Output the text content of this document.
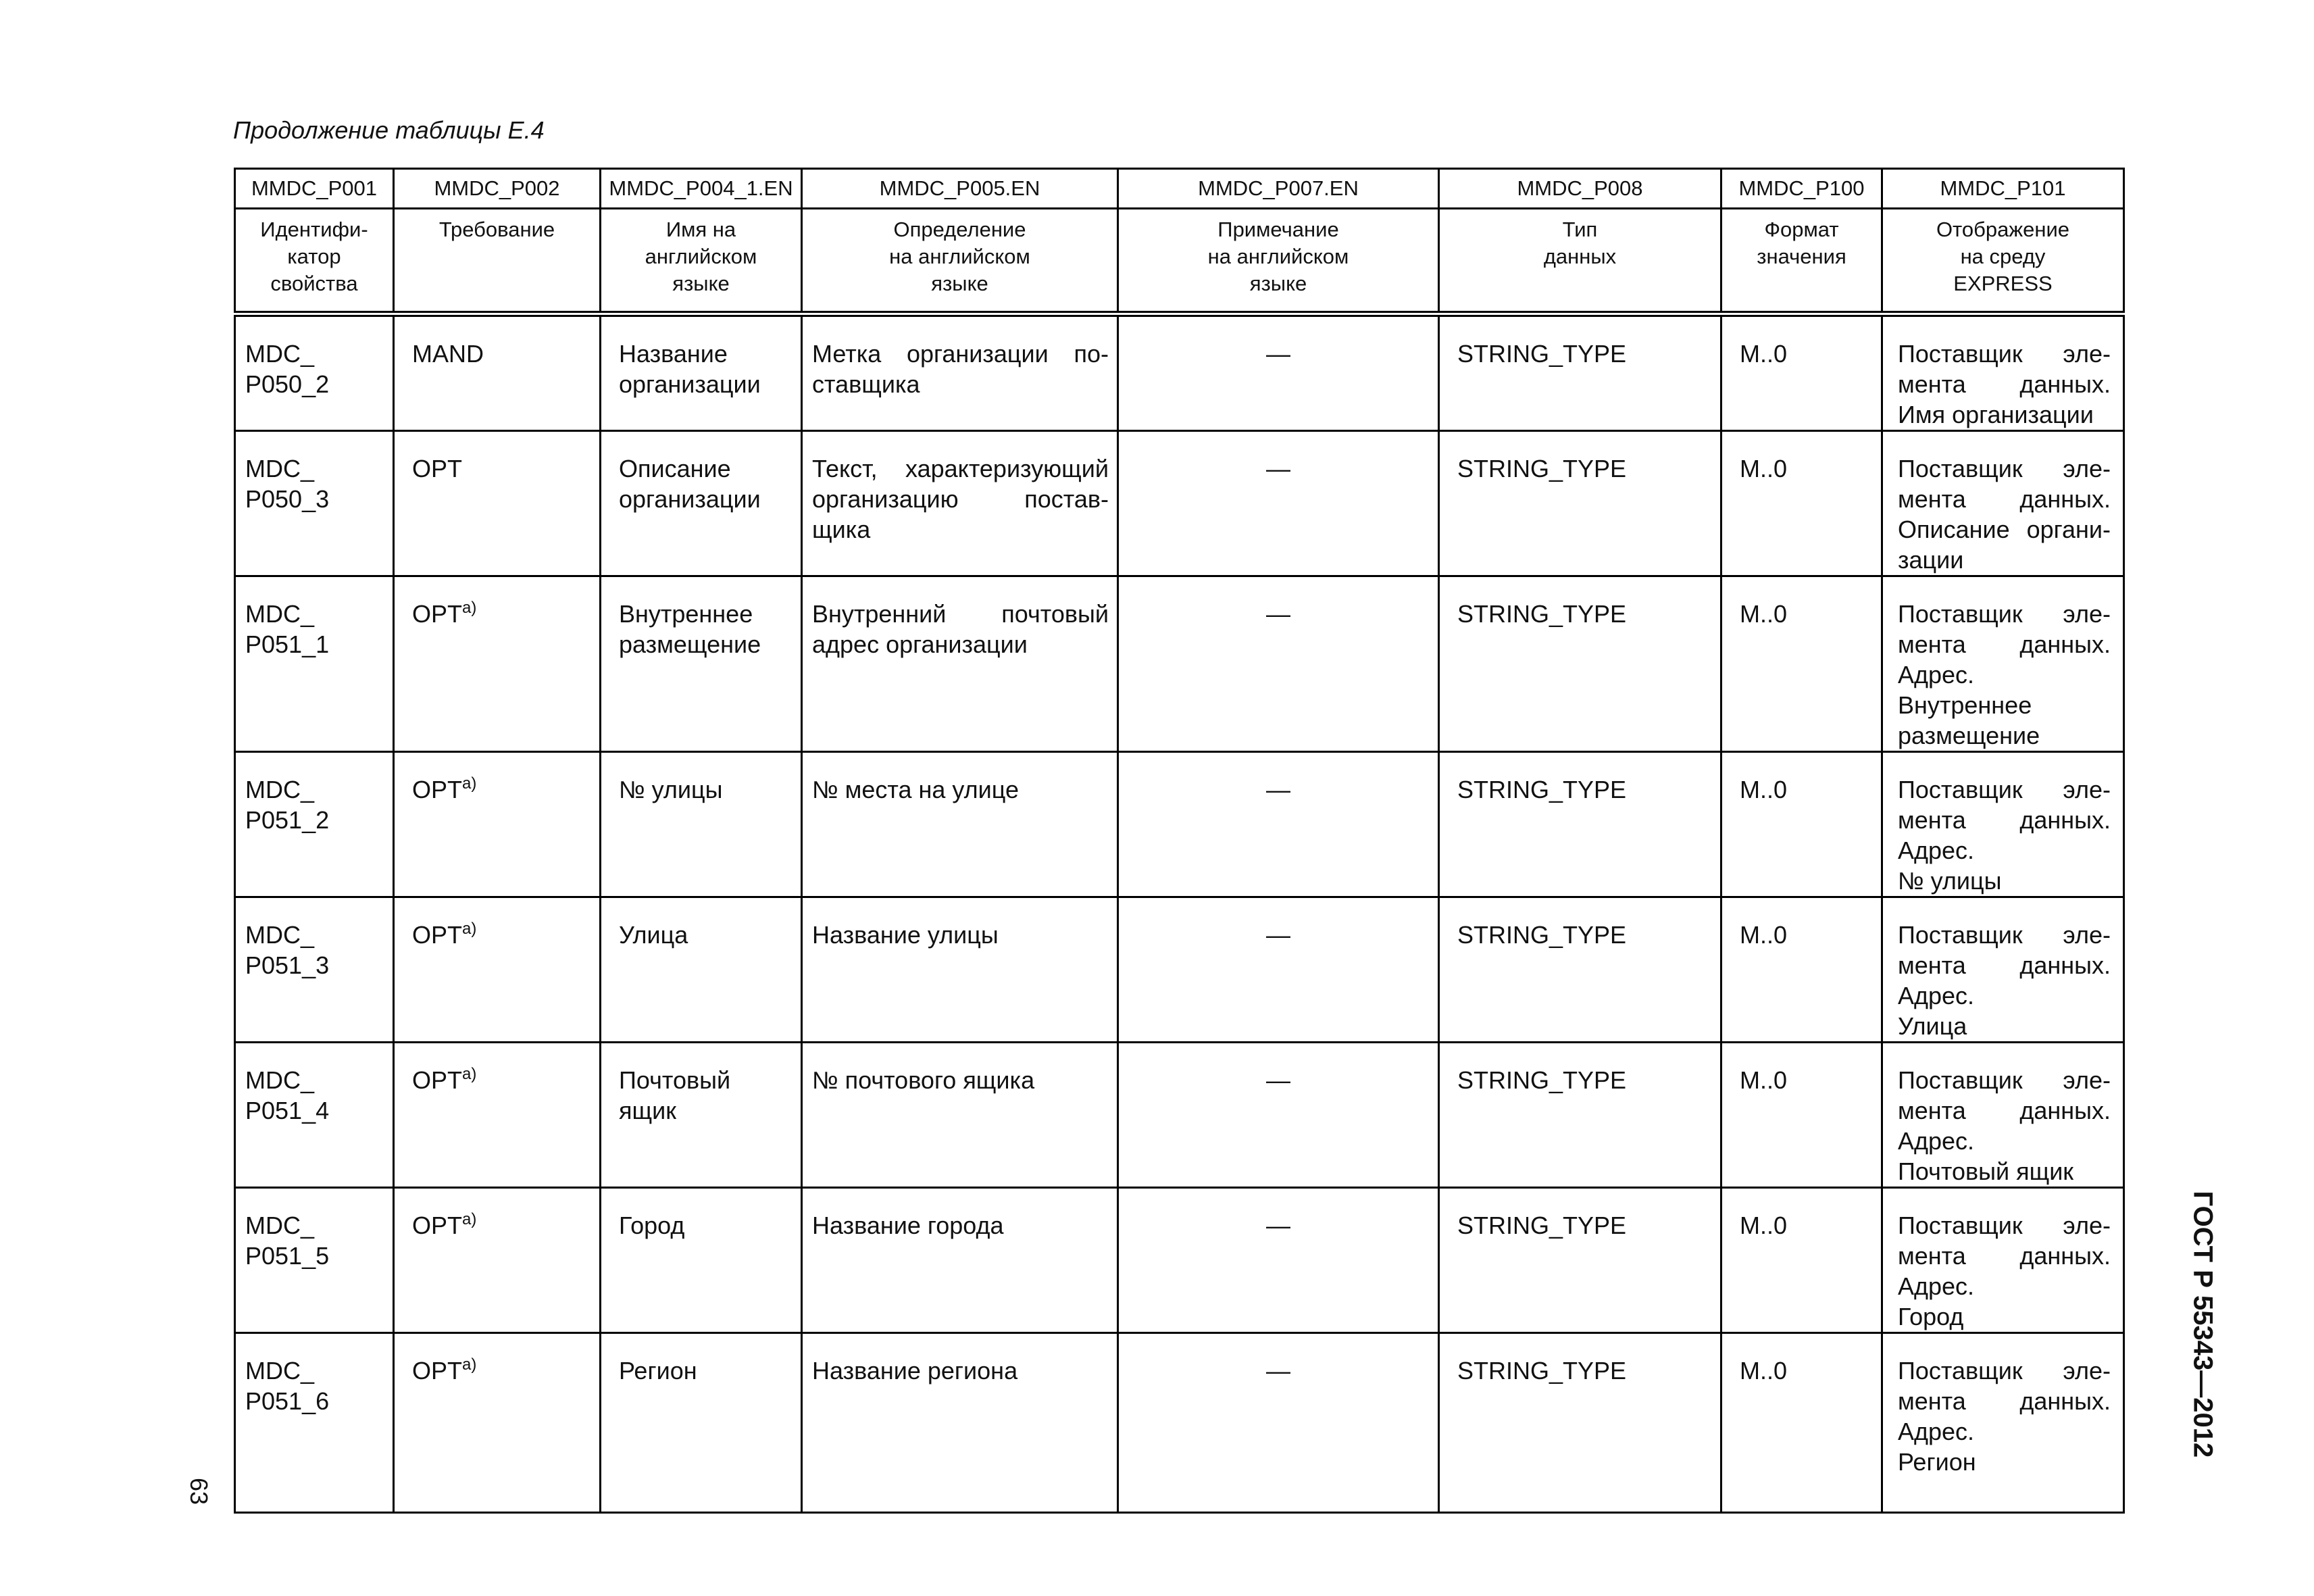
Продолжение таблицы E.4
MMDC_P001	MMDC_P002	MMDC_P004_1.EN	MMDC_P005.EN	MMDC_P007.EN	MMDC_P008	MMDC_P100	MMDC_P101

Идентифи-
катор
свойства	Требование	Имя на
английском
языке	Определение
на английском
языке	Примечание
на английском
языке	Тип
данных	Формат
значения	Отображение
на среду
EXPRESS

MDC_
P050_2	MAND	Название
организации	Метка организации по-
ставщика	—	STRING_TYPE	M..0	Поставщик эле-
мента данных.
Имя организации

MDC_
P050_3	OPT	Описание
организации	Текст, характеризующий
организацию постав-
щика	—	STRING_TYPE	M..0	Поставщик эле-
мента данных.
Описание органи-
зации

MDC_
P051_1	$OPT^{а)}$	Внутреннее
размещение	Внутренний почтовый
адрес организации	—	STRING_TYPE	M..0	Поставщик эле-
мента данных.
Адрес.
Внутреннее
размещение

MDC_
P051_2	$OPT^{а)}$	№ улицы	№ места на улице	—	STRING_TYPE	M..0	Поставщик эле-
мента данных.
Адрес.
№ улицы

MDC_
P051_3	$OPT^{а)}$	Улица	Название улицы	—	STRING_TYPE	M..0	Поставщик эле-
мента данных.
Адрес.
Улица

MDC_
P051_4	$OPT^{а)}$	Почтовый
ящик	№ почтового ящика	—	STRING_TYPE	M..0	Поставщик эле-
мента данных.
Адрес.
Почтовый ящик

MDC_
P051_5	$OPT^{а)}$	Город	Название города	—	STRING_TYPE	M..0	Поставщик эле-
мента данных.
Адрес.
Город

MDC_
P051_6	$OPT^{а)}$	Регион	Название региона	—	STRING_TYPE	M..0	Поставщик эле-
мента данных.
Адрес.
Регион
63
ГОСТ Р 55343—2012
